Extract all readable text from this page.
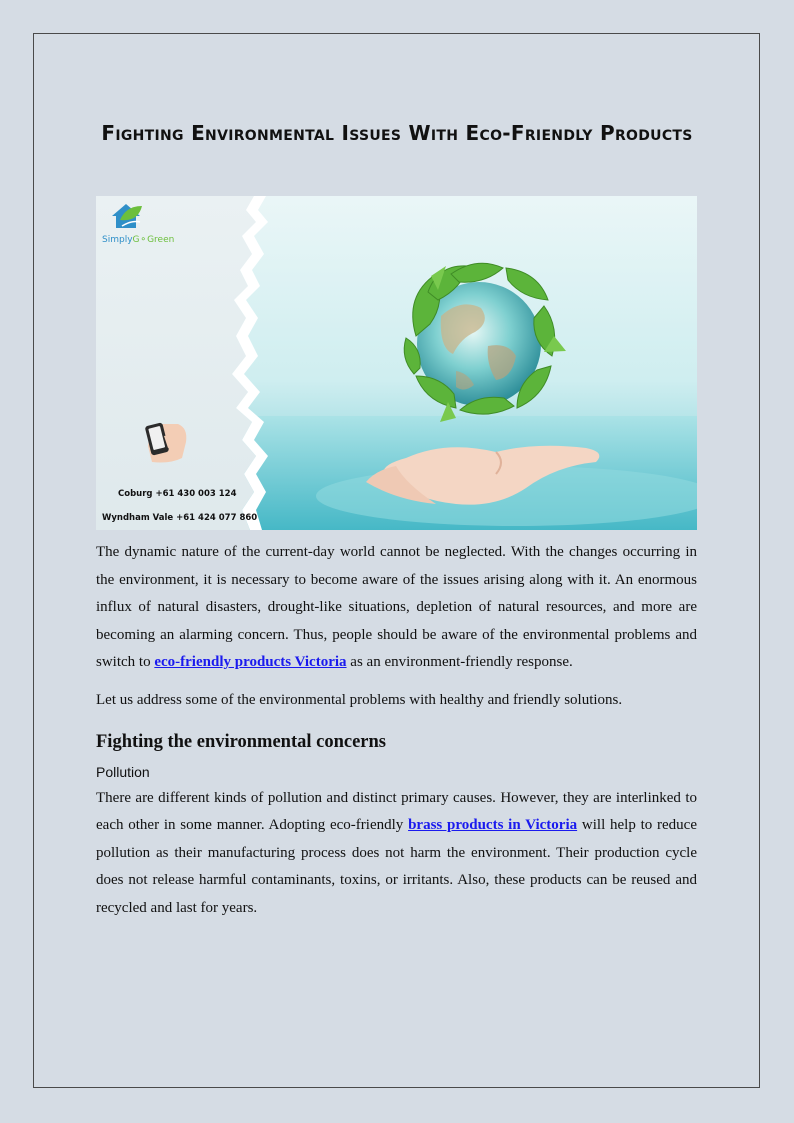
Fighting Environmental Issues With Eco-Friendly Products
SimplyG⚬Green
Coburg +61 430 003 124
Wyndham Vale +61 424 077 860

The dynamic nature of the current-day world cannot be neglected. With the changes occurring in the environment, it is necessary to become aware of the issues arising along with it. An enormous influx of natural disasters, drought-like situations, depletion of natural resources, and more are becoming an alarming concern. Thus, people should be aware of the environmental problems and switch to eco-friendly products Victoria as an environment-friendly response.

Let us address some of the environmental problems with healthy and friendly solutions.

Fighting the environmental concerns
Pollution

There are different kinds of pollution and distinct primary causes. However, they are interlinked to each other in some manner. Adopting eco-friendly brass products in Victoria will help to reduce pollution as their manufacturing process does not harm the environment. Their production cycle does not release harmful contaminants, toxins, or irritants. Also, these products can be reused and recycled and last for years.
